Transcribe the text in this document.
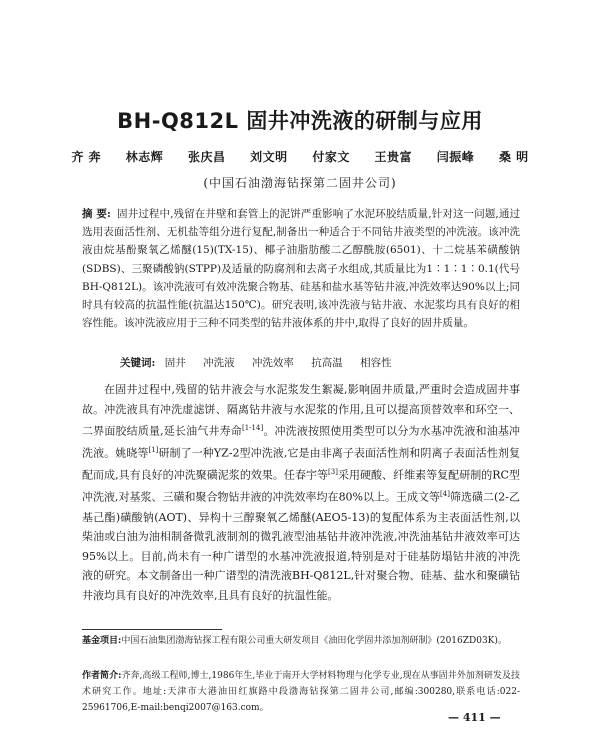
BH-Q812L 固井冲洗液的研制与应用
齐 奔 林志辉 张庆昌 刘文明 付家文 王贵富 闫振峰 桑 明
(中国石油渤海钻探第二固井公司)
摘 要: 固井过程中,残留在井壁和套管上的泥饼严重影响了水泥环胶结质量,针对这一问题,通过选用表面活性剂、无机盐等组分进行复配,制备出一种适合于不同钻井液类型的冲洗液。该冲洗液由烷基酚聚氧乙烯醚(15)(TX-15)、椰子油脂肪酸二乙醇酰胺(6501)、十二烷基苯磺酸钠(SDBS)、三聚磷酸钠(STPP)及适量的防腐剂和去离子水组成,其质量比为1∶1∶1∶0.1(代号BH-Q812L)。该冲洗液可有效冲洗聚合物基、硅基和盐水基等钻井液,冲洗效率达90%以上;同时具有较高的抗温性能(抗温达150℃)。研究表明,该冲洗液与钻井液、水泥浆均具有良好的相容性能。该冲洗液应用于三种不同类型的钻井液体系的井中,取得了良好的固井质量。
关键词: 固井 冲洗液 冲洗效率 抗高温 相容性
在固井过程中,残留的钻井液会与水泥浆发生絮凝,影响固井质量,严重时会造成固井事故。冲洗液具有冲洗虚滤饼、隔离钻井液与水泥浆的作用,且可以提高顶替效率和环空一、二界面胶结质量,延长油气井寿命[1-14]。冲洗液按照使用类型可以分为水基冲洗液和油基冲洗液。姚晓等[1]研制了一种YZ-2型冲洗液,它是由非离子表面活性剂和阴离子表面活性剂复配而成,具有良好的冲洗聚磺泥浆的效果。任春宇等[3]采用硬酸、纤维素等复配研制的RC型冲洗液,对基浆、三磺和聚合物钻井液的冲洗效率均在80%以上。王成文等[4]筛选磺二(2-乙基己酯)磺酸钠(AOT)、异构十三醇聚氧乙烯醚(AEO5-13)的复配体系为主表面活性剂,以柴油或白油为油相制备微乳液制剂的微乳液型油基钻井液冲洗液,冲洗油基钻井液效率可达95%以上。目前,尚未有一种广谱型的水基冲洗液报道,特别是对于硅基防塌钻井液的冲洗液的研究。本文制备出一种广谱型的清洗液BH-Q812L,针对聚合物、硅基、盐水和聚磺钻井液均具有良好的冲洗效率,且具有良好的抗温性能。
基金项目:中国石油集团渤海钻探工程有限公司重大研发项目《油田化学固井添加剂研制》(2016ZD03K)。
作者简介:齐奔,高级工程师,博士,1986年生,毕业于南开大学材料物理与化学专业,现在从事固井外加剂研发及技术研究工作。地址:天津市大港油田红旗路中段渤海钻探第二固井公司,邮编:300280,联系电话:022-25961706,E-mail:benqi2007@163.com。
— 411 —
